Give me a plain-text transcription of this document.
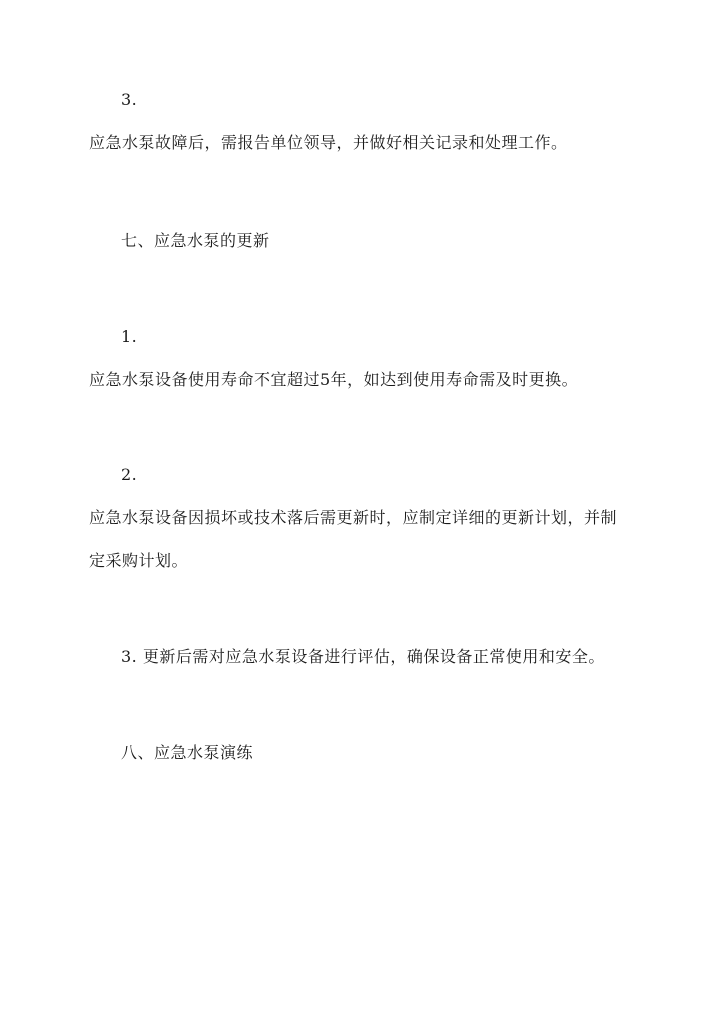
3.
应急水泵故障后，需报告单位领导，并做好相关记录和处理工作。
七、应急水泵的更新
1.
应急水泵设备使用寿命不宜超过5年，如达到使用寿命需及时更换。
2.
应急水泵设备因损坏或技术落后需更新时，应制定详细的更新计划，并制
定采购计划。
3. 更新后需对应急水泵设备进行评估，确保设备正常使用和安全。
八、应急水泵演练
